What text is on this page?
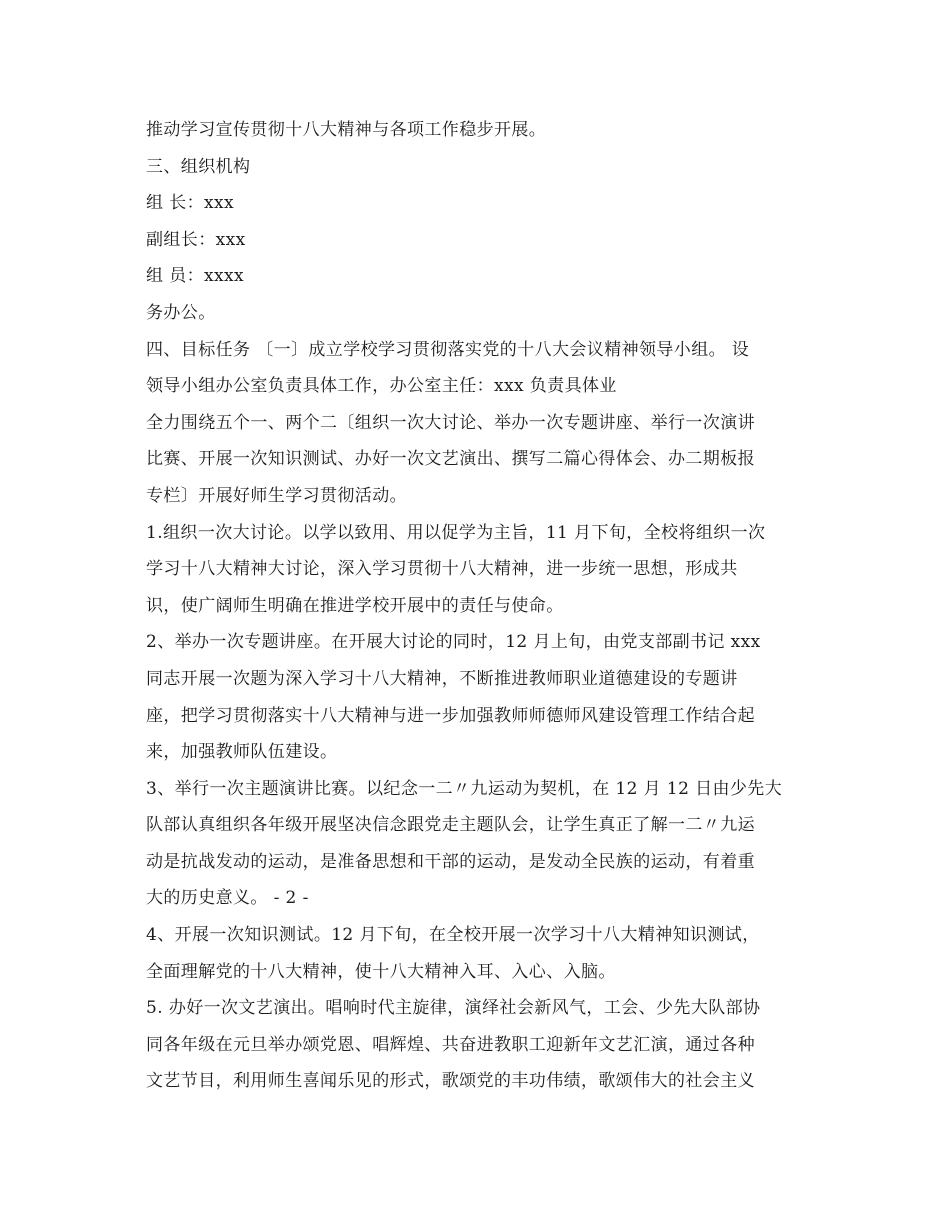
推动学习宣传贯彻十八大精神与各项工作稳步开展。
三、组织机构
组 长：xxx
副组长：xxx
组 员：xxxx
务办公。
四、目标任务 〔一〕成立学校学习贯彻落实党的十八大会议精神领导小组。 设
领导小组办公室负责具体工作，办公室主任：xxx 负责具体业
全力围绕五个一、两个二〔组织一次大讨论、举办一次专题讲座、举行一次演讲
比赛、开展一次知识测试、办好一次文艺演出、撰写二篇心得体会、办二期板报
专栏〕开展好师生学习贯彻活动。
1.组织一次大讨论。以学以致用、用以促学为主旨，11 月下旬，全校将组织一次
学习十八大精神大讨论，深入学习贯彻十八大精神，进一步统一思想，形成共
识，使广阔师生明确在推进学校开展中的责任与使命。
2、举办一次专题讲座。在开展大讨论的同时，12 月上旬，由党支部副书记 xxx
同志开展一次题为深入学习十八大精神，不断推进教师职业道德建设的专题讲
座，把学习贯彻落实十八大精神与进一步加强教师师德师风建设管理工作结合起
来，加强教师队伍建设。
3、举行一次主题演讲比赛。以纪念一二〃九运动为契机，在 12 月 12 日由少先大
队部认真组织各年级开展坚决信念跟党走主题队会，让学生真正了解一二〃九运
动是抗战发动的运动，是准备思想和干部的运动，是发动全民族的运动，有着重
大的历史意义。 - 2 -
4、开展一次知识测试。12 月下旬，在全校开展一次学习十八大精神知识测试，
全面理解党的十八大精神，使十八大精神入耳、入心、入脑。
5. 办好一次文艺演出。唱响时代主旋律，演绎社会新风气，工会、少先大队部协
同各年级在元旦举办颂党恩、唱辉煌、共奋进教职工迎新年文艺汇演，通过各种
文艺节目，利用师生喜闻乐见的形式，歌颂党的丰功伟绩，歌颂伟大的社会主义
